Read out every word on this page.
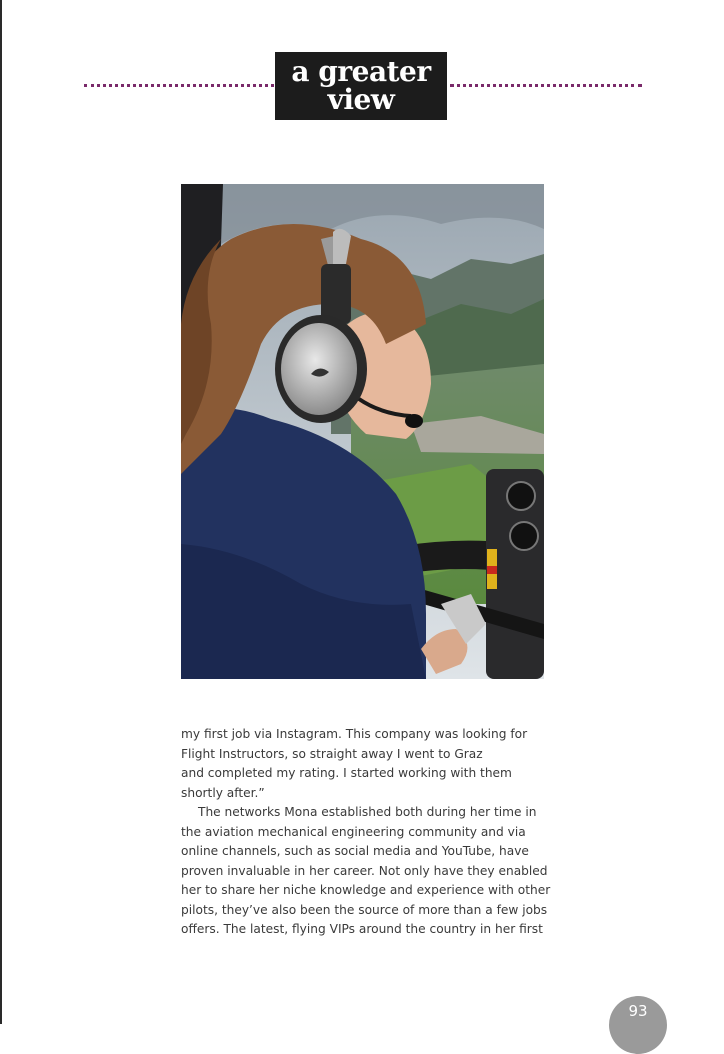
a greater
view
my first job via Instagram. This company was looking for
Flight Instructors, so straight away I went to Graz
and completed my rating. I started working with them
shortly after.”
The networks Mona established both during her time in
the aviation mechanical engineering community and via
online channels, such as social media and YouTube, have
proven invaluable in her career. Not only have they enabled
her to share her niche knowledge and experience with other
pilots, they’ve also been the source of more than a few jobs
offers. The latest, flying VIPs around the country in her first
93
